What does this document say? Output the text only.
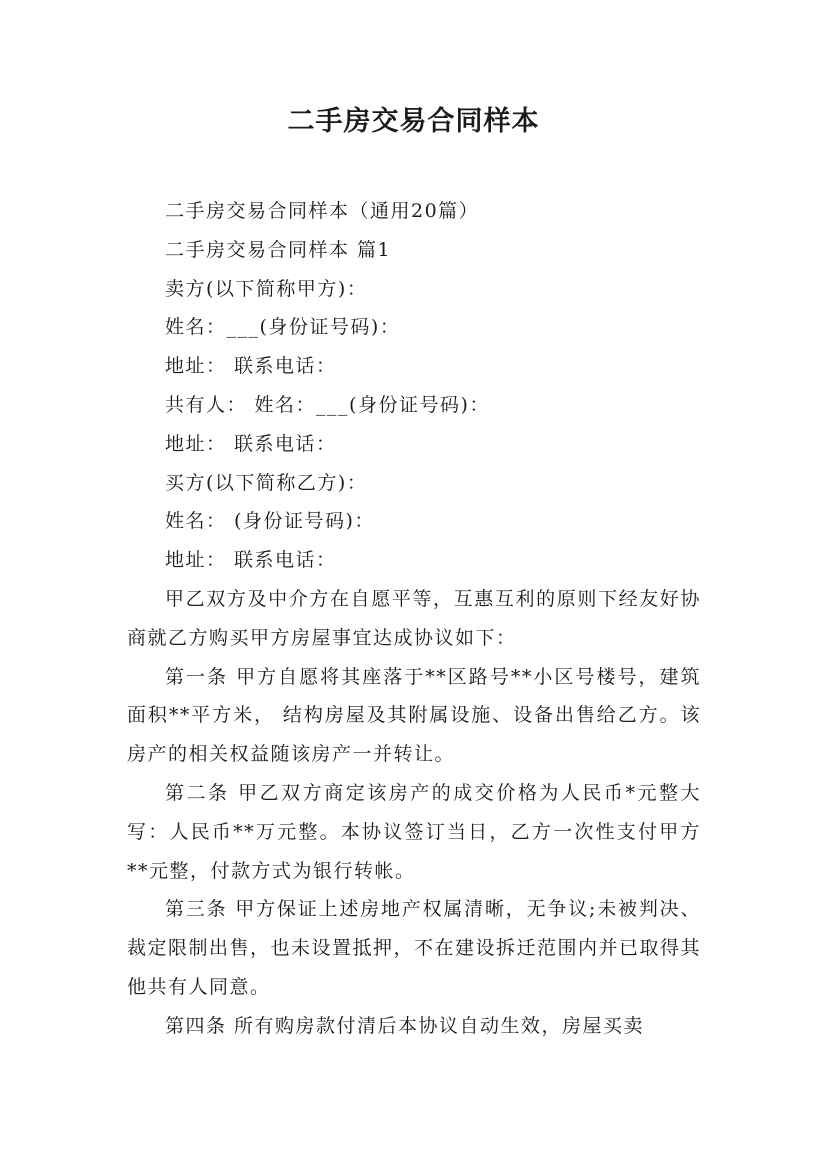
二手房交易合同样本

二手房交易合同样本（通用20篇）

二手房交易合同样本 篇1

卖方(以下简称甲方)：

姓名：___(身份证号码)：

地址： 联系电话：

共有人： 姓名：___(身份证号码)：

地址： 联系电话：

买方(以下简称乙方)：

姓名： (身份证号码)：

地址： 联系电话：

甲乙双方及中介方在自愿平等，互惠互利的原则下经友好协商就乙方购买甲方房屋事宜达成协议如下：

第一条 甲方自愿将其座落于**区路号**小区号楼号，建筑面积**平方米， 结构房屋及其附属设施、设备出售给乙方。该房产的相关权益随该房产一并转让。

第二条 甲乙双方商定该房产的成交价格为人民币*元整大写：人民币**万元整。本协议签订当日，乙方一次性支付甲方**元整，付款方式为银行转帐。

第三条 甲方保证上述房地产权属清晰，无争议;未被判决、裁定限制出售，也未设置抵押，不在建设拆迁范围内并已取得其他共有人同意。

第四条 所有购房款付清后本协议自动生效，房屋买卖
